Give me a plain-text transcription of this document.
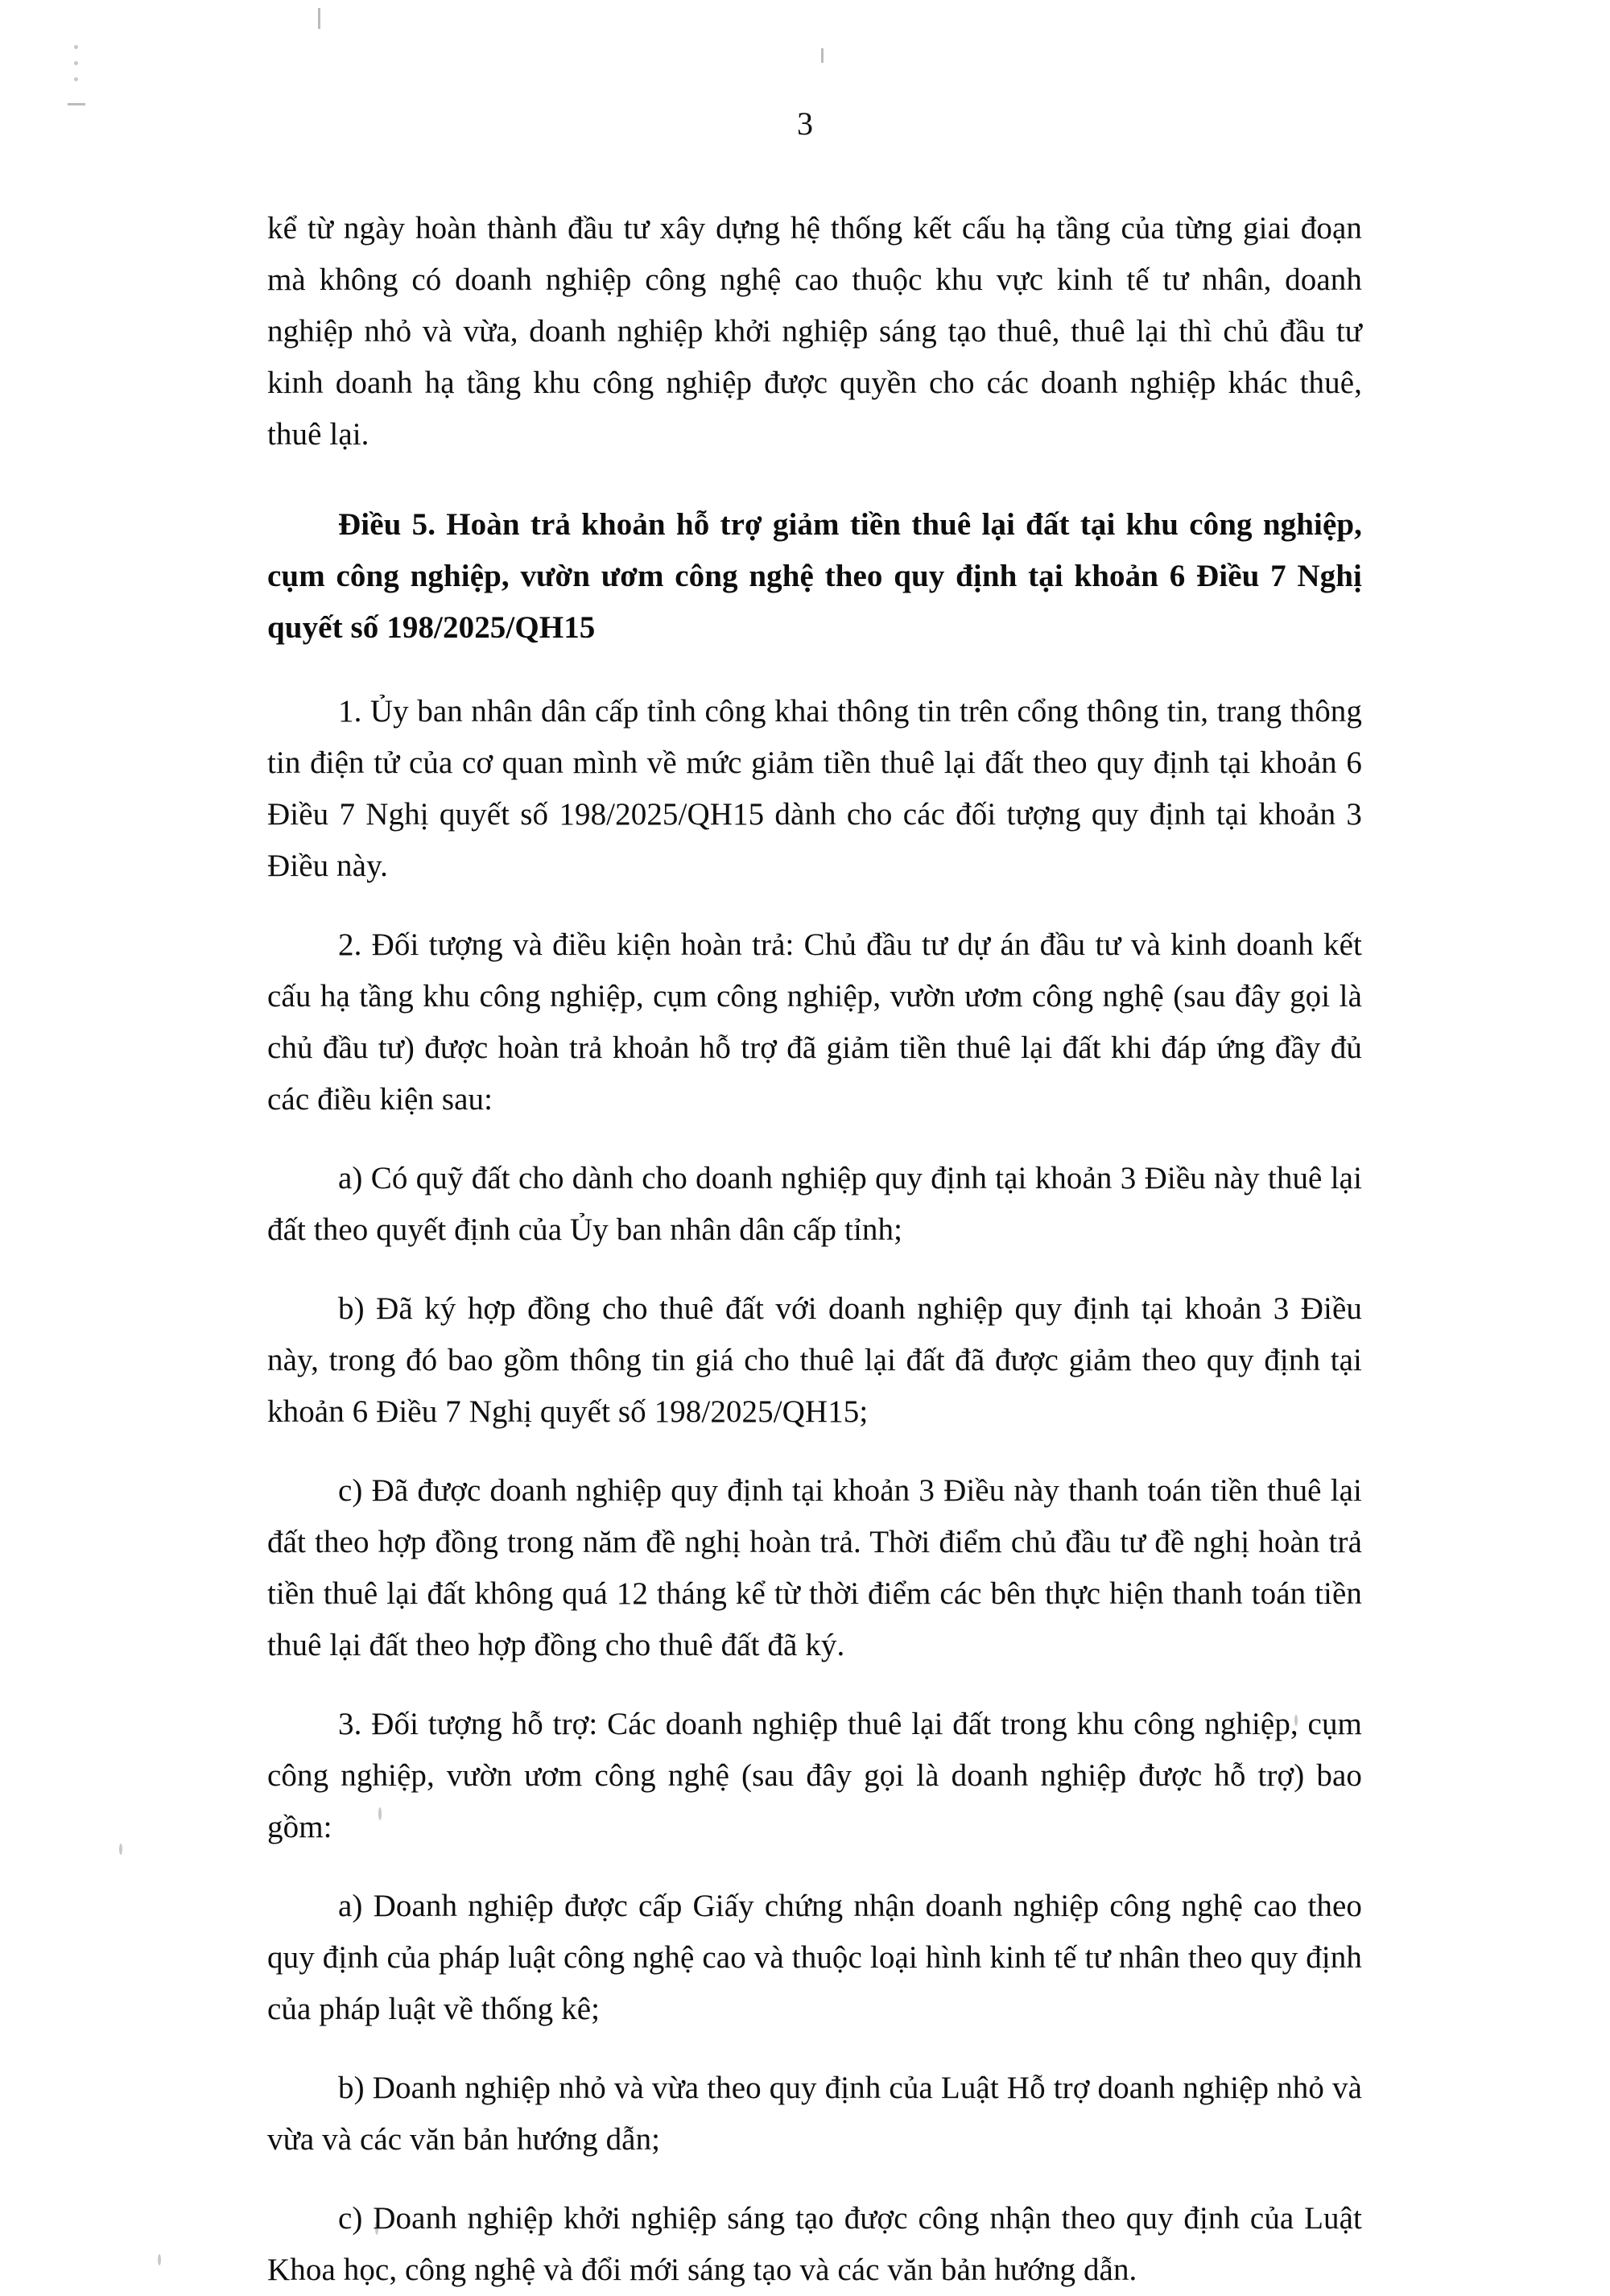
3

kể từ ngày hoàn thành đầu tư xây dựng hệ thống kết cấu hạ tầng của từng giai đoạn mà không có doanh nghiệp công nghệ cao thuộc khu vực kinh tế tư nhân, doanh nghiệp nhỏ và vừa, doanh nghiệp khởi nghiệp sáng tạo thuê, thuê lại thì chủ đầu tư kinh doanh hạ tầng khu công nghiệp được quyền cho các doanh nghiệp khác thuê, thuê lại.

Điều 5. Hoàn trả khoản hỗ trợ giảm tiền thuê lại đất tại khu công nghiệp, cụm công nghiệp, vườn ươm công nghệ theo quy định tại khoản 6 Điều 7 Nghị quyết số 198/2025/QH15

1. Ủy ban nhân dân cấp tỉnh công khai thông tin trên cổng thông tin, trang thông tin điện tử của cơ quan mình về mức giảm tiền thuê lại đất theo quy định tại khoản 6 Điều 7 Nghị quyết số 198/2025/QH15 dành cho các đối tượng quy định tại khoản 3 Điều này.

2. Đối tượng và điều kiện hoàn trả: Chủ đầu tư dự án đầu tư và kinh doanh kết cấu hạ tầng khu công nghiệp, cụm công nghiệp, vườn ươm công nghệ (sau đây gọi là chủ đầu tư) được hoàn trả khoản hỗ trợ đã giảm tiền thuê lại đất khi đáp ứng đầy đủ các điều kiện sau:

a) Có quỹ đất cho dành cho doanh nghiệp quy định tại khoản 3 Điều này thuê lại đất theo quyết định của Ủy ban nhân dân cấp tỉnh;

b) Đã ký hợp đồng cho thuê đất với doanh nghiệp quy định tại khoản 3 Điều này, trong đó bao gồm thông tin giá cho thuê lại đất đã được giảm theo quy định tại khoản 6 Điều 7 Nghị quyết số 198/2025/QH15;

c) Đã được doanh nghiệp quy định tại khoản 3 Điều này thanh toán tiền thuê lại đất theo hợp đồng trong năm đề nghị hoàn trả. Thời điểm chủ đầu tư đề nghị hoàn trả tiền thuê lại đất không quá 12 tháng kể từ thời điểm các bên thực hiện thanh toán tiền thuê lại đất theo hợp đồng cho thuê đất đã ký.

3. Đối tượng hỗ trợ: Các doanh nghiệp thuê lại đất trong khu công nghiệp, cụm công nghiệp, vườn ươm công nghệ (sau đây gọi là doanh nghiệp được hỗ trợ) bao gồm:

a) Doanh nghiệp được cấp Giấy chứng nhận doanh nghiệp công nghệ cao theo quy định của pháp luật công nghệ cao và thuộc loại hình kinh tế tư nhân theo quy định của pháp luật về thống kê;

b) Doanh nghiệp nhỏ và vừa theo quy định của Luật Hỗ trợ doanh nghiệp nhỏ và vừa và các văn bản hướng dẫn;

c) Doanh nghiệp khởi nghiệp sáng tạo được công nhận theo quy định của Luật Khoa học, công nghệ và đổi mới sáng tạo và các văn bản hướng dẫn.
